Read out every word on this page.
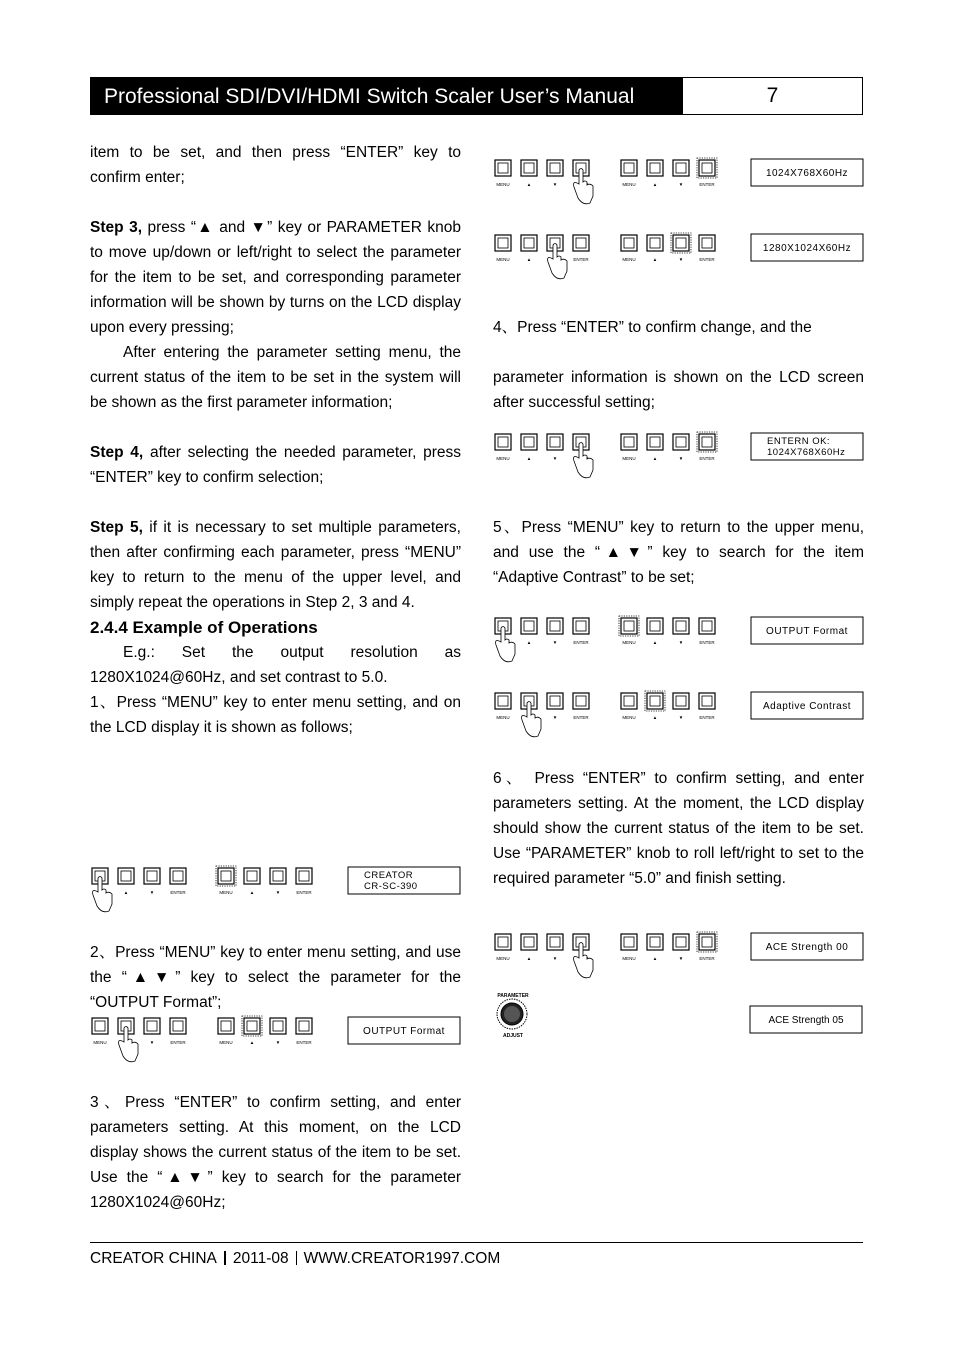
Professional SDI/DVI/HDMI Switch Scaler User’s Manual	7

item to be set, and then press “ENTER” key to confirm enter;

Step 3, press “▲ and ▼” key or PARAMETER knob to move up/down or left/right to select the parameter for the item to be set, and corresponding parameter information will be shown by turns on the LCD display upon every pressing;

After entering the parameter setting menu, the current status of the item to be set in the system will be shown as the first parameter information;

Step 4, after selecting the needed parameter, press “ENTER” key to confirm selection;

Step 5, if it is necessary to set multiple parameters, then after confirming each parameter, press “MENU” key to return to the menu of the upper level, and simply repeat the operations in Step 2, 3 and 4.

2.4.4 Example of Operations

E.g.: Set the output resolution as 1280X1024@60Hz, and set contrast to 5.0.

1、Press “MENU” key to enter menu setting, and on the LCD display it is shown as follows;

2、Press “MENU” key to enter menu setting, and use the “▲▼” key to select the parameter for the “OUTPUT Format”;

3、Press “ENTER” to confirm setting, and enter parameters setting. At this moment, on the LCD display shows the current status of the item to be set. Use the “▲▼” key to search for the parameter 1280X1024@60Hz;

4、Press “ENTER” to confirm change, and the

parameter information is shown on the LCD screen after successful setting;

5、Press “MENU” key to return to the upper menu, and use the “▲▼” key to search for the item “Adaptive Contrast” to be set;

6、 Press “ENTER” to confirm setting, and enter parameters setting. At the moment, the LCD display should show the current status of the item to be set. Use “PARAMETER” knob to roll left/right to set to the required parameter “5.0” and finish setting.

▲	▼	ENTER	MENU	▲	▼	ENTER
CREATOR
CR-SC-390
MENU	▼	ENTER	MENU	▲	▼	ENTER
OUTPUT Format
MENU	▲	▼	MENU	▲	▼	ENTER
1024X768X60Hz
MENU	▲	ENTER	MENU	▲	▼	ENTER
1280X1024X60Hz
MENU	▲	▼	MENU	▲	▼	ENTER
ENTERN OK:
1024X768X60Hz
▲	▼	ENTER	MENU	▲	▼	ENTER
OUTPUT Format
MENU	▼	ENTER	MENU	▲	▼	ENTER
Adaptive Contrast
MENU	▲	▼	MENU	▲	▼	ENTER
ACE Strength 00
PARAMETER
ADJUST
ACE Strength 05
CREATOR CHINA 2011-08 WWW.CREATOR1997.COM
